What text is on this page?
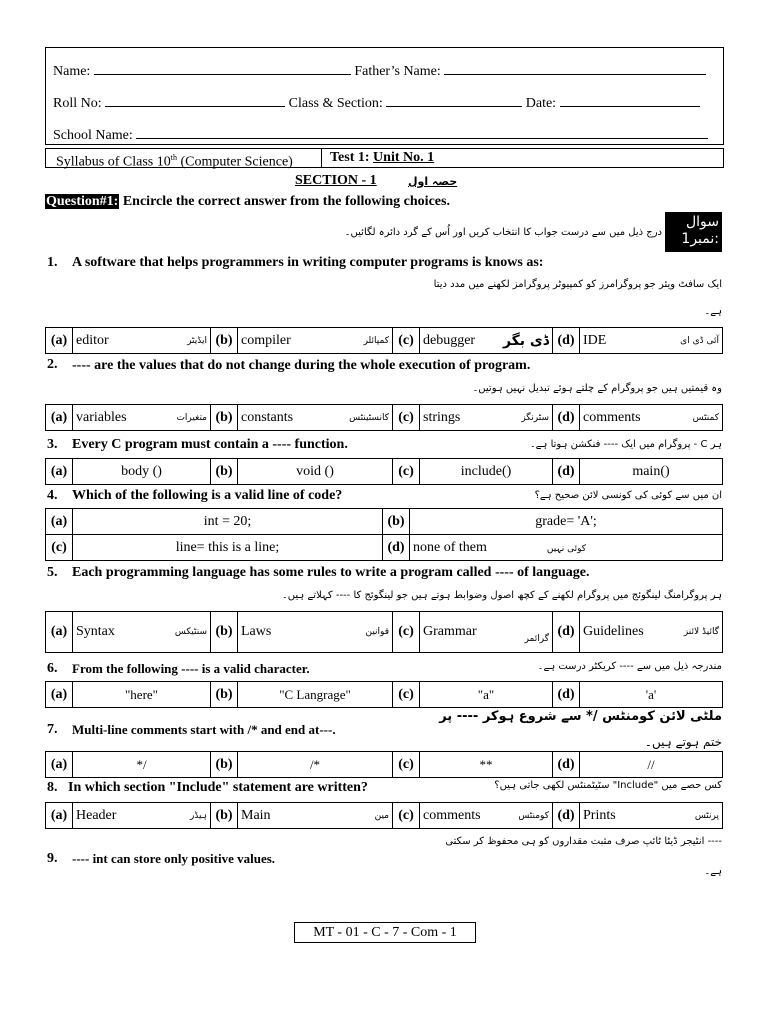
Name:	Father’s Name:
Roll No:	Class & Section:	Date:
School Name:
Syllabus of Class 10th (Computer Science)	Test 1: Unit No. 1
SECTION - 1	حصہ اول
Question#1: Encircle the correct answer from the following choices.
درج ذیل میں سے درست جواب کا انتخاب کریں اور اُس کے گرد دائرہ لگائیں۔
سوال
نمبر1:
1. A software that helps programmers in writing computer programs is knows as:
ایک سافٹ ویئر جو پروگرامرز کو کمپیوٹر پروگرامز لکھنے میں مدد دیتا
ہے۔
(a)	editor	ایڈیٹر	(b)	compiler	کمپائلر	(c)	debugger ڈی بگر	(d)	IDE	آئی ڈی ای
2. ---- are the values that do not change during the whole execution of program.
وہ قیمتیں ہیں جو پروگرام کے چلتے ہوئے تبدیل نہیں ہوتیں۔
(a)	variables	متغیرات	(b)	constants	کانسٹینٹس	(c)	strings	سٹرنگز	(d)	comments	کمنٹس
3. Every C program must contain a ---- function.	ہر C - پروگرام میں ایک ---- فنکشن ہوتا ہے۔
(a)	body ()	(b)	void ()	(c)	include()	(d)	main()
4. Which of the following is a valid line of code?	ان میں سے کوئی کی کونسی لائن صحیح ہے؟
(a)	int = 20;	(b)	grade= 'A';
(c)	line= this is a line;	(d)	none of them کوئی نہیں
5. Each programming language has some rules to write a program called ---- of language.
ہر پروگرامنگ لینگوئج میں پروگرام لکھنے کے کچھ اصول وضوابط ہوتے ہیں جو لینگوئج کا ---- کہلاتے ہیں۔
(a)	Syntax	سنٹیکس	(b)	Laws	قوانین	(c)	Grammar	گرائمر	(d)	Guidelines	گائیڈ لائنز
6. From the following ---- is a valid character.	مندرجہ ذیل میں سے ---- کریکٹر درست ہے۔
(a)	"here"	(b)	"C Langrage"	(c)	"a"	(d)	'a'
7. Multi-line comments start with /* and end at---.
ملٹی لائن کومنٹس /* سے شروع ہوکر ---- پر
ختم ہوتے ہیں۔
(a)	*/	(b)	/*	(c)	**	(d)	//
8. In which section "Include" statement are written?	کس حصے میں "Include" سٹیٹمنٹس لکھی جاتی ہیں؟
(a)	Header	ہیڈر	(b)	Main	مین	(c)	comments	کومنٹس	(d)	Prints	پرنٹس
---- انٹیجر ڈیٹا ٹائپ صرف مثبت مقداروں کو ہی محفوظ کر سکتی
9. ---- int can store only positive values.
ہے۔
MT - 01 - C - 7 - Com - 1
